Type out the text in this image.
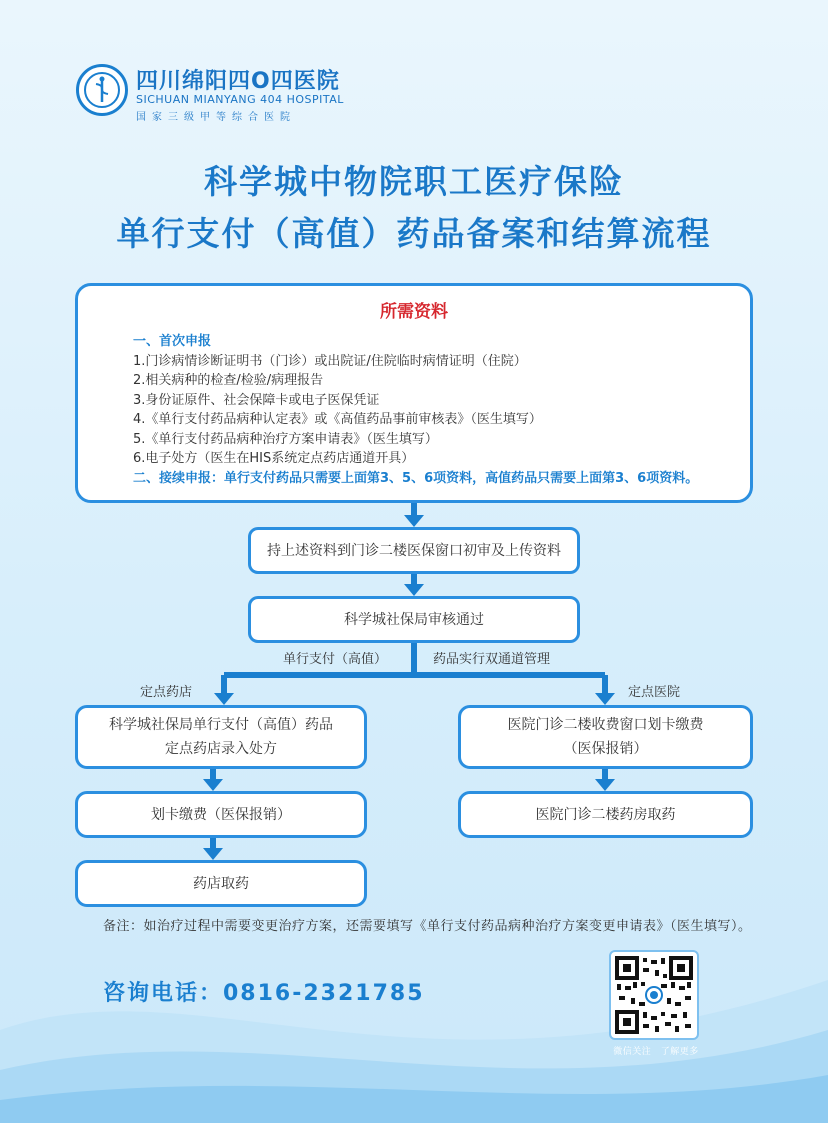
四川绵阳四O四医院
SICHUAN MIANYANG 404 HOSPITAL
国家三级甲等综合医院
科学城中物院职工医疗保险
单行支付（高值）药品备案和结算流程
所需资料
一、首次申报
1.门诊病情诊断证明书（门诊）或出院证/住院临时病情证明（住院）
2.相关病种的检查/检验/病理报告
3.身份证原件、社会保障卡或电子医保凭证
4.《单行支付药品病种认定表》或《高值药品事前审核表》（医生填写）
5.《单行支付药品病种治疗方案申请表》（医生填写）
6.电子处方（医生在HIS系统定点药店通道开具）
二、接续申报：单行支付药品只需要上面第3、5、6项资料，高值药品只需要上面第3、6项资料。
持上述资料到门诊二楼医保窗口初审及上传资料
科学城社保局审核通过
单行支付（高值）	药品实行双通道管理
定点药店	定点医院
科学城社保局单行支付（高值）药品
定点药店录入处方
医院门诊二楼收费窗口划卡缴费
（医保报销）
划卡缴费（医保报销）	医院门诊二楼药房取药
药店取药
备注：如治疗过程中需要变更治疗方案，还需要填写《单行支付药品病种治疗方案变更申请表》（医生填写）。
咨询电话：0816-2321785
微信关注　了解更多
